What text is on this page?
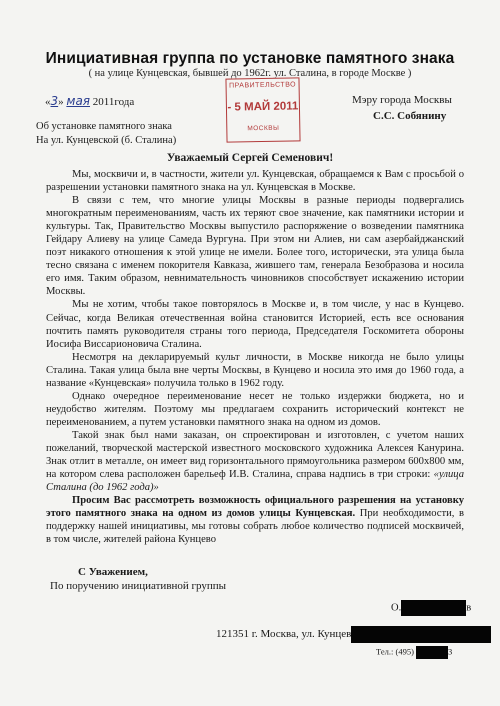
Инициативная группа по установке памятного знака
( на улице Кунцевская, бывшей до 1962г. ул. Сталина, в городе Москве )
ПРАВИТЕЛЬСТВО
- 5 МАЙ 2011
МОСКВЫ
«3» мая 2011года	Мэру города Москвы
С.С. Собянину
Об установке памятного знака
На ул. Кунцевской (б. Сталина)
Уважаемый Сергей Семенович!

Мы, москвичи и, в частности, жители ул. Кунцевская, обращаемся к Вам с просьбой о разрешении установки памятного знака на ул. Кунцевская в Москве.

В связи с тем, что многие улицы Москвы в разные периоды подвергались многократным переименованиям, часть их теряют свое значение, как памятники истории и культуры. Так, Правительство Москвы выпустило распоряжение о возведении памятника Гейдару Алиеву на улице Самеда Вургуна. При этом ни Алиев, ни сам азербайджанский поэт никакого отношения к этой улице не имели. Более того, исторически, эта улица была тесно связана с именем покорителя Кавказа, жившего там, генерала Безобразова и носила его имя. Таким образом, невнимательность чиновников способствует искажению истории Москвы.

Мы не хотим, чтобы такое повторялось в Москве и, в том числе, у нас в Кунцево. Сейчас, когда Великая отечественная война становится Историей, есть все основания почтить память руководителя страны того периода, Председателя Госкомитета обороны Иосифа Виссарионовича Сталина.

Несмотря на декларируемый культ личности, в Москве никогда не было улицы Сталина. Такая улица была вне черты Москвы, в Кунцево и носила это имя до 1960 года, а название «Кунцевская» получила только в 1962 году.

Однако очередное переименование несет не только издержки бюджета, но и неудобство жителям. Поэтому мы предлагаем сохранить исторический контекст не переименованием, а путем установки памятного знака на одном из домов.

Такой знак был нами заказан, он спроектирован и изготовлен, с учетом наших пожеланий, творческой мастерской известного московского художника Алексея Канурина. Знак отлит в металле, он имеет вид горизонтального прямоугольника размером 600х800 мм, на котором слева расположен барельеф И.В. Сталина, справа надпись в три строки: «улица Сталина (до 1962 года)»

Просим Вас рассмотреть возможность официального разрешения на установку этого памятного знака на одном из домов улицы Кунцевская. При необходимости, в поддержку нашей инициативы, мы готовы собрать любое количество подписей москвичей, в том числе, жителей района Кунцево

С Уважением,
По поручению инициативной группы
О.	в
121351 г. Москва, ул. Кунцев
Тел.: (495)	3
